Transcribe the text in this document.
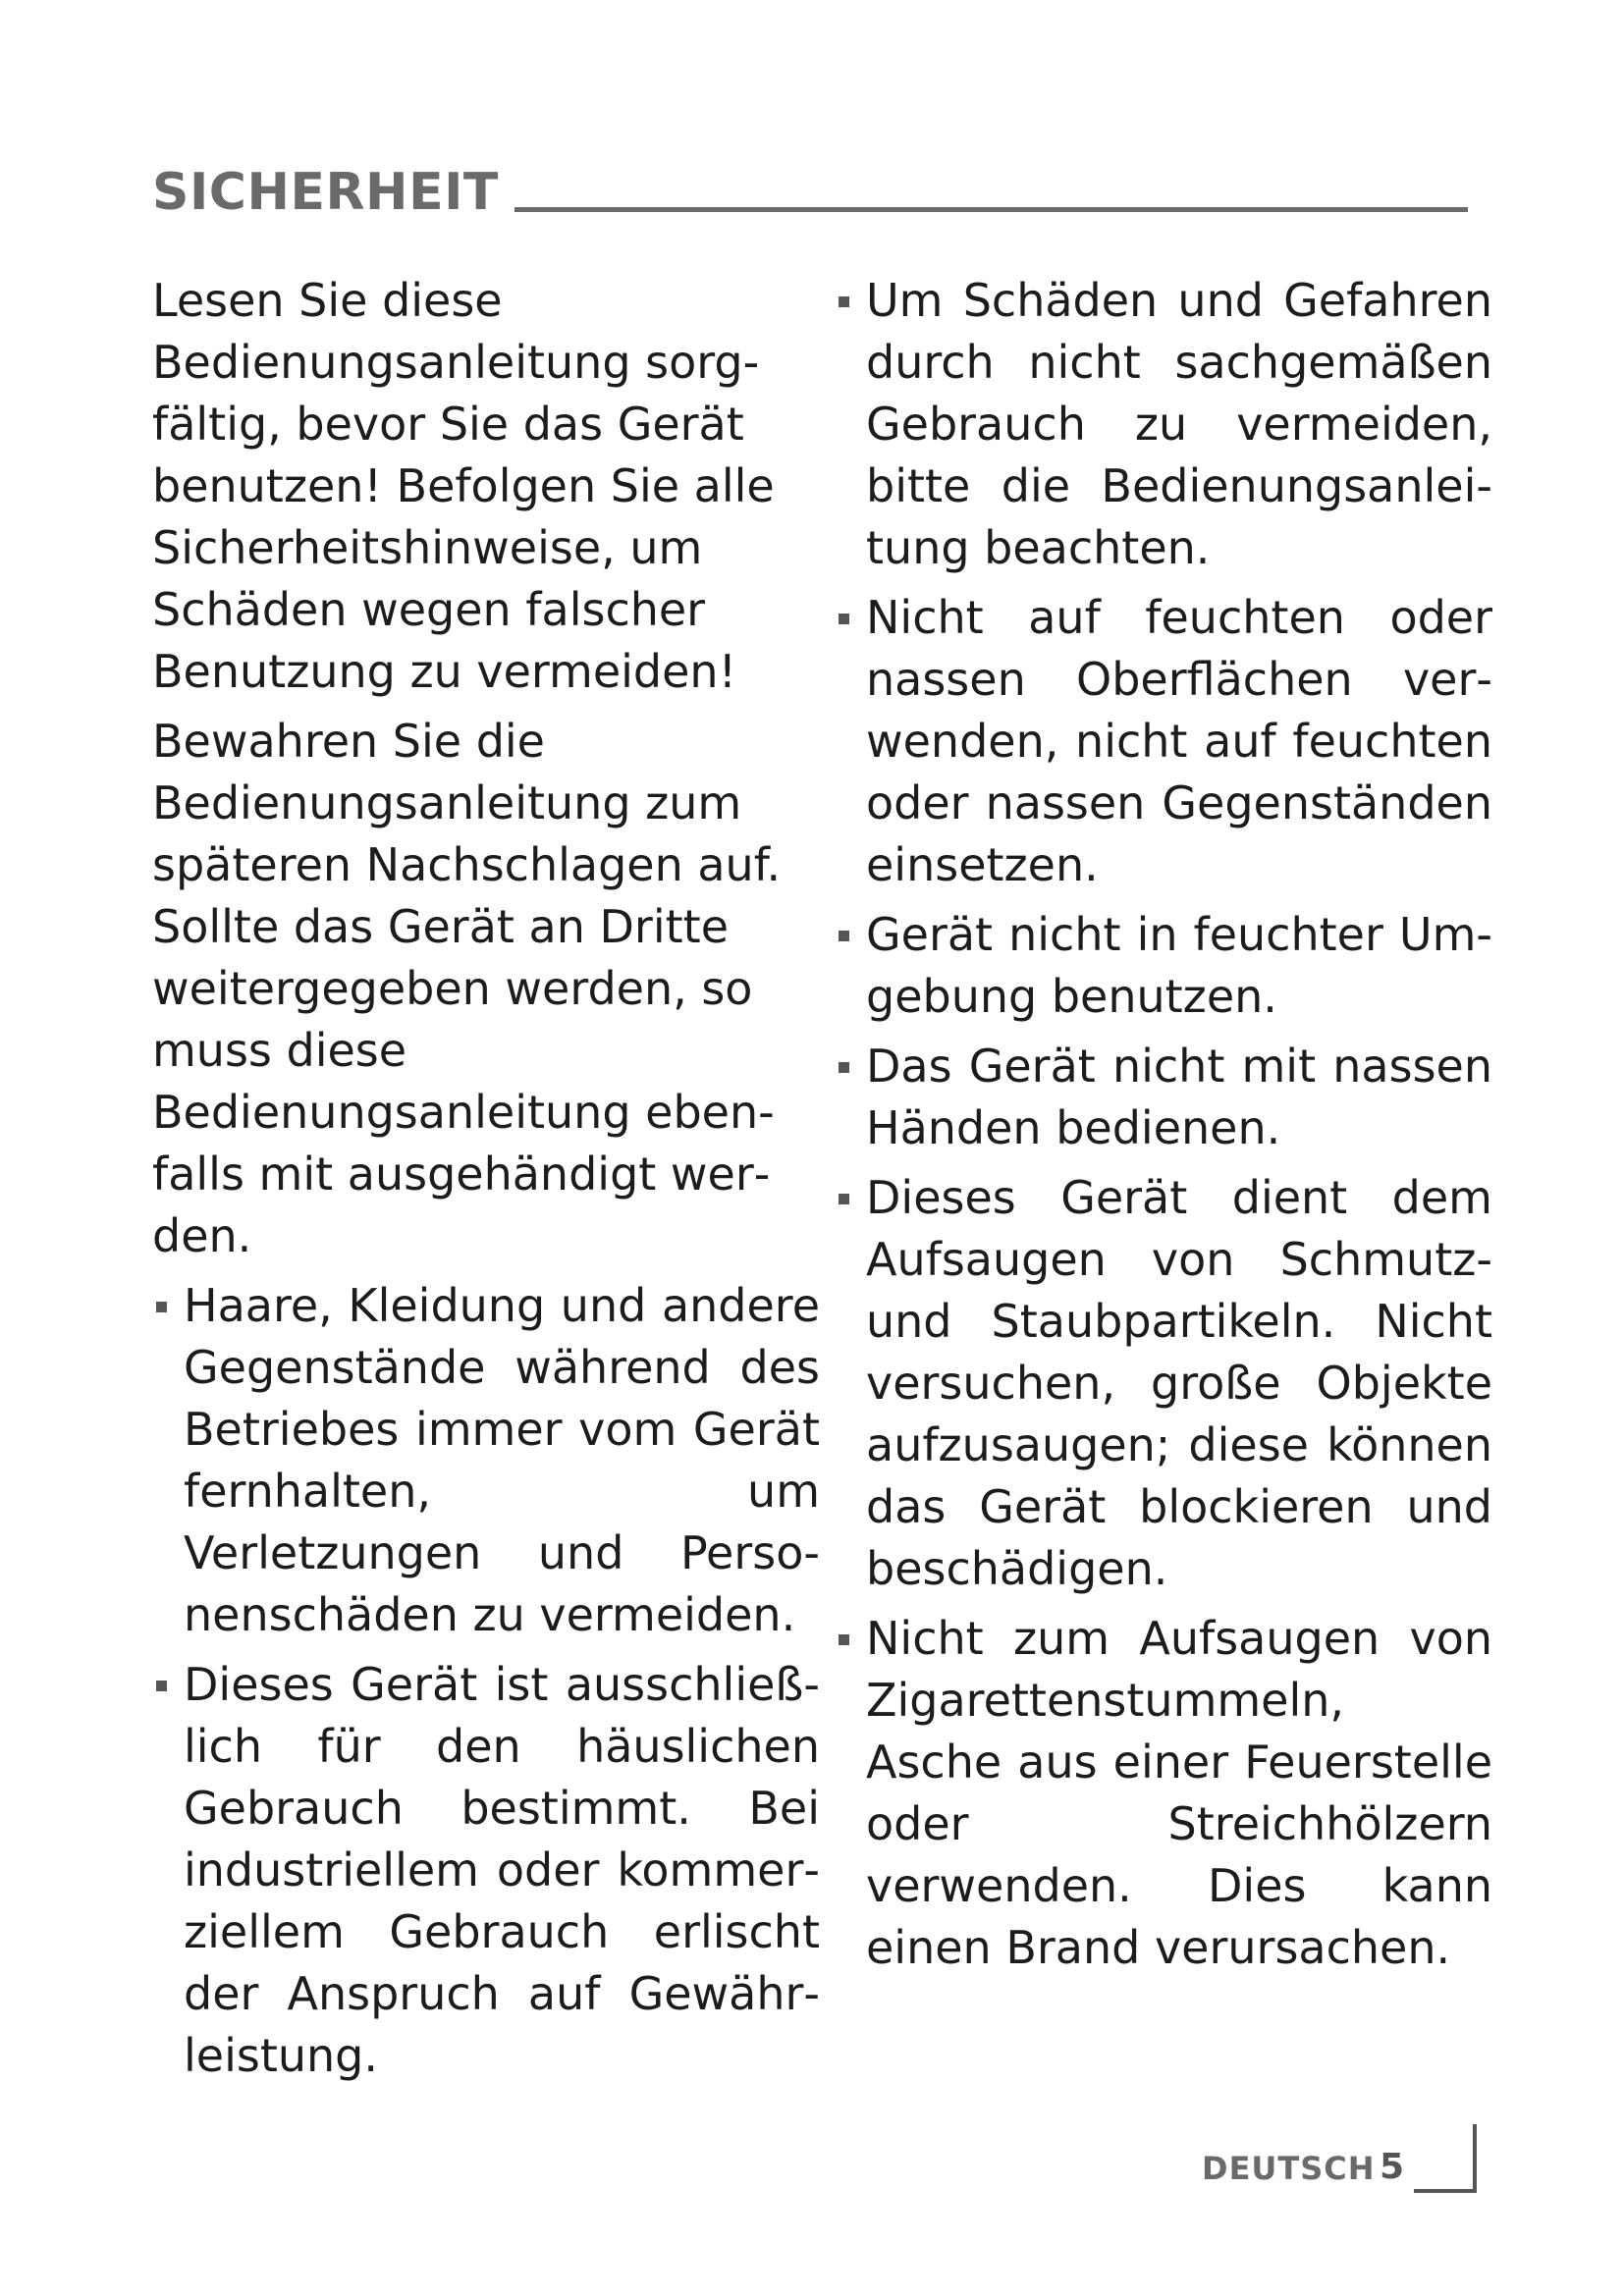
SICHERHEIT

Lesen Sie diese Bedienungsanleitung sorgfältig, bevor Sie das Gerät benutzen! Befolgen Sie alle Sicherheitshinweise, um Schäden wegen falscher Benutzung zu vermeiden!

Bewahren Sie die Bedienungsanleitung zum späteren Nachschlagen auf. Sollte das Gerät an Dritte weitergegeben werden, so muss diese Bedienungsanleitung ebenfalls mit ausgehändigt werden.

Haare, Kleidung und andere Gegenstände während des Betriebes immer vom Gerät fernhalten, um Verletzungen und Personenschäden zu vermeiden.
Dieses Gerät ist ausschließlich für den häuslichen Gebrauch bestimmt. Bei industriellem oder kommerziellem Gebrauch erlischt der Anspruch auf Gewährleistung.
Um Schäden und Gefahren durch nicht sachgemäßen Gebrauch zu vermeiden, bitte die Bedienungsanleitung beachten.
Nicht auf feuchten oder nassen Oberflächen verwenden, nicht auf feuchten oder nassen Gegenständen einsetzen.
Gerät nicht in feuchter Umgebung benutzen.
Das Gerät nicht mit nassen Händen bedienen.
Dieses Gerät dient dem Aufsaugen von Schmutz- und Staubpartikeln. Nicht versuchen, große Objekte aufzusaugen; diese können das Gerät blockieren und beschädigen.
Nicht zum Aufsaugen von Zigarettenstummeln, Asche aus einer Feuerstelle oder Streichhölzern verwenden. Dies kann einen Brand verursachen.
DEUTSCH 5
